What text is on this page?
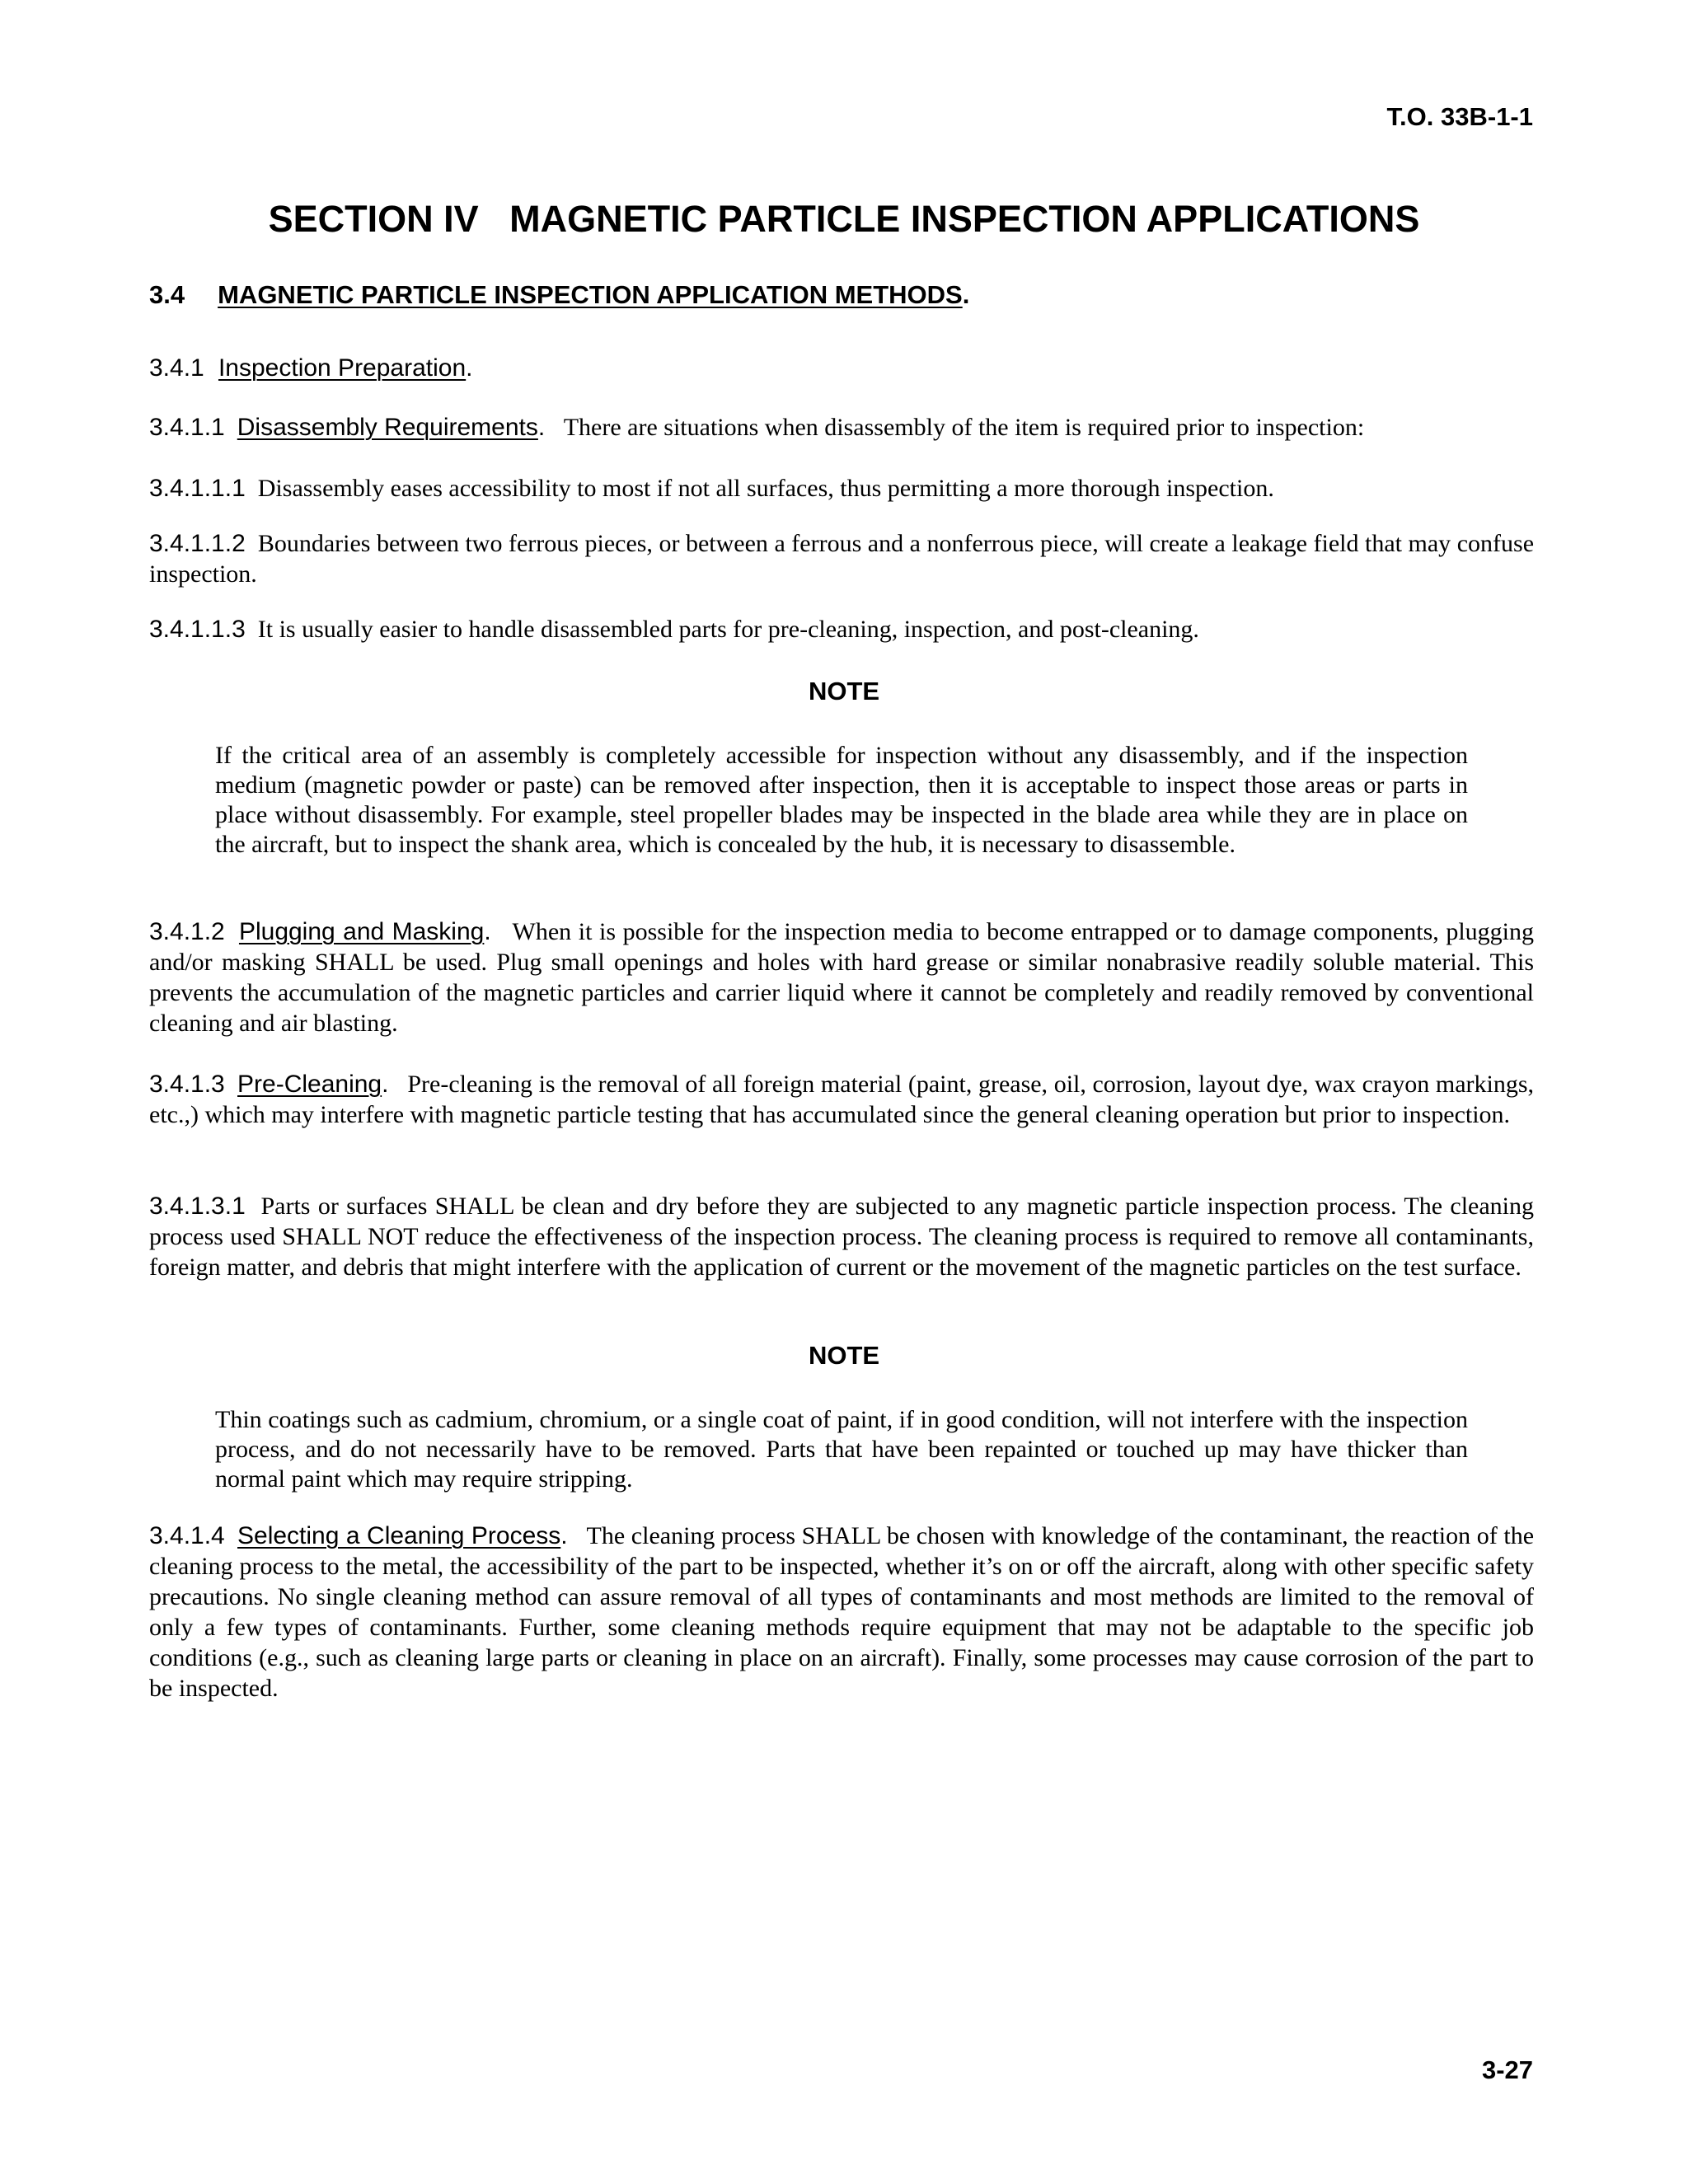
T.O. 33B-1-1
SECTION IV   MAGNETIC PARTICLE INSPECTION APPLICATIONS
3.4 MAGNETIC PARTICLE INSPECTION APPLICATION METHODS.
3.4.1 Inspection Preparation.
3.4.1.1 Disassembly Requirements. There are situations when disassembly of the item is required prior to inspection:
3.4.1.1.1 Disassembly eases accessibility to most if not all surfaces, thus permitting a more thorough inspection.
3.4.1.1.2 Boundaries between two ferrous pieces, or between a ferrous and a nonferrous piece, will create a leakage field that may confuse inspection.
3.4.1.1.3 It is usually easier to handle disassembled parts for pre-cleaning, inspection, and post-cleaning.
NOTE
If the critical area of an assembly is completely accessible for inspection without any disassembly, and if the inspection medium (magnetic powder or paste) can be removed after inspection, then it is acceptable to inspect those areas or parts in place without disassembly. For example, steel propeller blades may be inspected in the blade area while they are in place on the aircraft, but to inspect the shank area, which is concealed by the hub, it is necessary to disassemble.
3.4.1.2 Plugging and Masking. When it is possible for the inspection media to become entrapped or to damage components, plugging and/or masking SHALL be used. Plug small openings and holes with hard grease or similar nonabrasive readily soluble material. This prevents the accumulation of the magnetic particles and carrier liquid where it cannot be completely and readily removed by conventional cleaning and air blasting.
3.4.1.3 Pre-Cleaning. Pre-cleaning is the removal of all foreign material (paint, grease, oil, corrosion, layout dye, wax crayon markings, etc.,) which may interfere with magnetic particle testing that has accumulated since the general cleaning operation but prior to inspection.
3.4.1.3.1 Parts or surfaces SHALL be clean and dry before they are subjected to any magnetic particle inspection process. The cleaning process used SHALL NOT reduce the effectiveness of the inspection process. The cleaning process is required to remove all contaminants, foreign matter, and debris that might interfere with the application of current or the movement of the magnetic particles on the test surface.
NOTE
Thin coatings such as cadmium, chromium, or a single coat of paint, if in good condition, will not interfere with the inspection process, and do not necessarily have to be removed. Parts that have been repainted or touched up may have thicker than normal paint which may require stripping.
3.4.1.4 Selecting a Cleaning Process. The cleaning process SHALL be chosen with knowledge of the contaminant, the reaction of the cleaning process to the metal, the accessibility of the part to be inspected, whether it’s on or off the aircraft, along with other specific safety precautions. No single cleaning method can assure removal of all types of contaminants and most methods are limited to the removal of only a few types of contaminants. Further, some cleaning methods require equipment that may not be adaptable to the specific job conditions (e.g., such as cleaning large parts or cleaning in place on an aircraft). Finally, some processes may cause corrosion of the part to be inspected.
3-27
